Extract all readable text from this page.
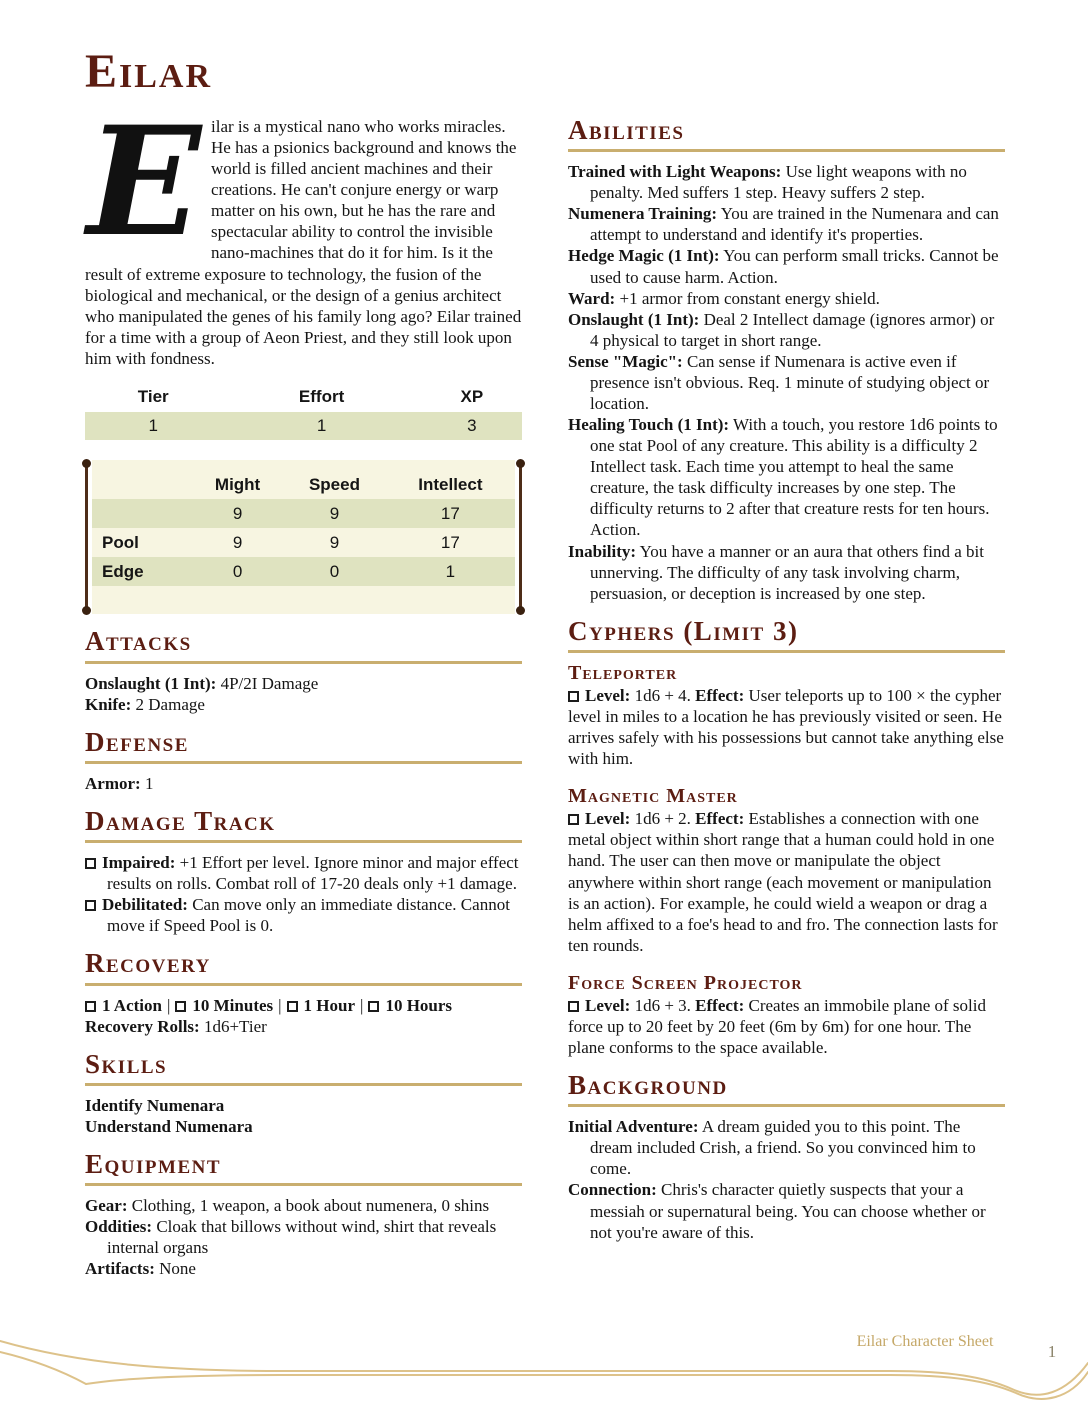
Eilar
E ilar is a mystical nano who works miracles. He has a psionics background and knows the world is filled ancient machines and their creations. He can't conjure energy or warp matter on his own, but he has the rare and spectacular ability to control the invisible nano-machines that do it for him. Is it the result of extreme exposure to technology, the fusion of the biological and mechanical, or the design of a genius architect who manipulated the genes of his family long ago? Eilar trained for a time with a group of Aeon Priest, and they still look upon him with fondness.

Tier	Effort	XP
1	1	3
	Might	Speed	Intellect
	9	9	17
Pool	9	9	17
Edge	0	0	1
Attacks

Onslaught (1 Int): 4P/2I Damage

Knife: 2 Damage

Defense

Armor: 1

Damage Track

Impaired: +1 Effort per level. Ignore minor and major effect results on rolls. Combat roll of 17-20 deals only +1 damage.

Debilitated: Can move only an immediate distance. Cannot move if Speed Pool is 0.

Recovery

1 Action | 10 Minutes | 1 Hour | 10 Hours

Recovery Rolls: 1d6+Tier

Skills

Identify Numenara

Understand Numenara

Equipment

Gear: Clothing, 1 weapon, a book about numenera, 0 shins

Oddities: Cloak that billows without wind, shirt that reveals internal organs

Artifacts: None

Abilities

Trained with Light Weapons: Use light weapons with no penalty. Med suffers 1 step. Heavy suffers 2 step.

Numenera Training: You are trained in the Numenara and can attempt to understand and identify it's properties.

Hedge Magic (1 Int): You can perform small tricks. Cannot be used to cause harm. Action.

Ward: +1 armor from constant energy shield.

Onslaught (1 Int): Deal 2 Intellect damage (ignores armor) or 4 physical to target in short range.

Sense "Magic": Can sense if Numenara is active even if presence isn't obvious. Req. 1 minute of studying object or location.

Healing Touch (1 Int): With a touch, you restore 1d6 points to one stat Pool of any creature. This ability is a difficulty 2 Intellect task. Each time you attempt to heal the same creature, the task difficulty increases by one step. The difficulty returns to 2 after that creature rests for ten hours. Action.

Inability: You have a manner or an aura that others find a bit unnerving. The difficulty of any task involving charm, persuasion, or deception is increased by one step.

Cyphers (Limit 3)
Teleporter

Level: 1d6 + 4. Effect: User teleports up to 100 × the cypher level in miles to a location he has previously visited or seen. He arrives safely with his possessions but cannot take anything else with him.

Magnetic Master

Level: 1d6 + 2. Effect: Establishes a connection with one metal object within short range that a human could hold in one hand. The user can then move or manipulate the object anywhere within short range (each movement or manipulation is an action). For example, he could wield a weapon or drag a helm affixed to a foe's head to and fro. The connection lasts for ten rounds.

Force Screen Projector

Level: 1d6 + 3. Effect: Creates an immobile plane of solid force up to 20 feet by 20 feet (6m by 6m) for one hour. The plane conforms to the space available.

Background

Initial Adventure: A dream guided you to this point. The dream included Crish, a friend. So you convinced him to come.

Connection: Chris's character quietly suspects that your a messiah or supernatural being. You can choose whether or not you're aware of this.

Eilar Character Sheet
1
